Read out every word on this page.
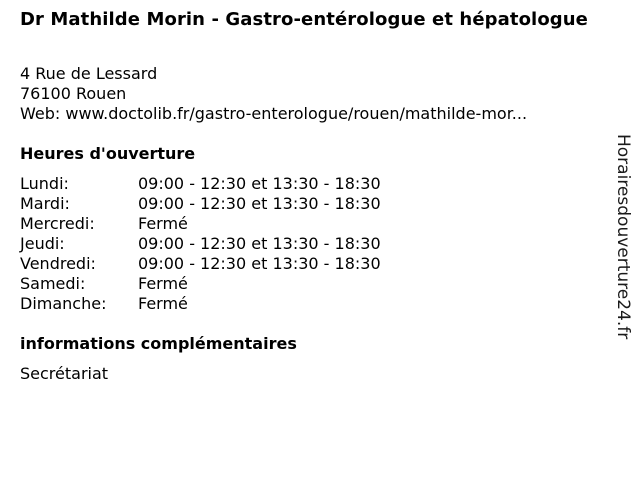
Dr Mathilde Morin - Gastro-entérologue et hépatologue
4 Rue de Lessard
76100 Rouen
Web: www.doctolib.fr/gastro-enterologue/rouen/mathilde-mor...
Heures d'ouverture
Lundi:	09:00 - 12:30 et 13:30 - 18:30
Mardi:	09:00 - 12:30 et 13:30 - 18:30
Mercredi:	Fermé
Jeudi:	09:00 - 12:30 et 13:30 - 18:30
Vendredi:	09:00 - 12:30 et 13:30 - 18:30
Samedi:	Fermé
Dimanche:	Fermé
informations complémentaires
Secrétariat
Horairesdouverture24.fr
